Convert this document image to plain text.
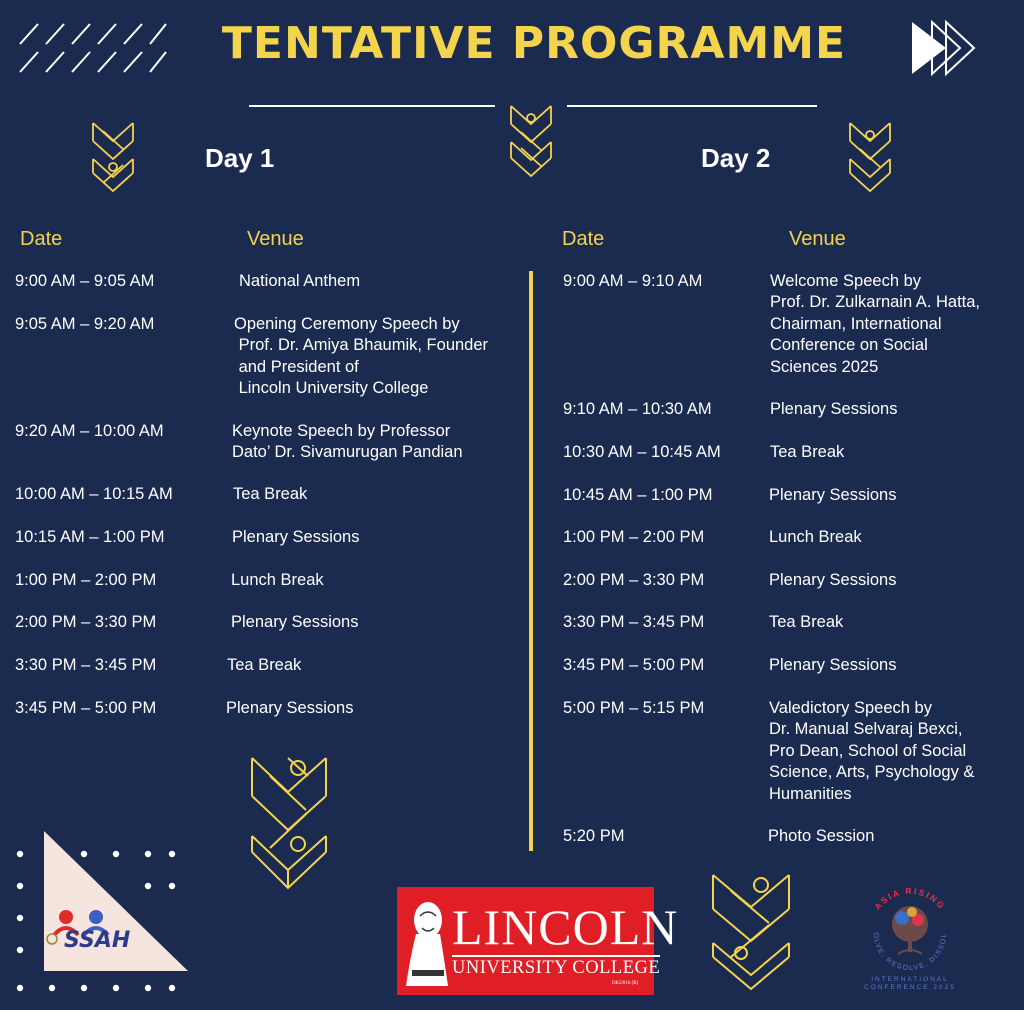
TENTATIVE PROGRAMME
Day 1	Day 2
Date	Venue	Date	Venue
9:00 AM – 9:05 AM	National Anthem
9:05 AM – 9:20 AM	Opening Ceremony Speech by
Prof. Dr. Amiya Bhaumik, Founder
and President of
Lincoln University College
9:20 AM – 10:00 AM	Keynote Speech by Professor
Dato’ Dr. Sivamurugan Pandian
10:00 AM – 10:15 AM	Tea Break
10:15 AM – 1:00 PM	Plenary Sessions
1:00 PM – 2:00 PM	Lunch Break
2:00 PM – 3:30 PM	Plenary Sessions
3:30 PM – 3:45 PM	Tea Break
3:45 PM – 5:00 PM	Plenary Sessions
9:00 AM – 9:10 AM	Welcome Speech by
Prof. Dr. Zulkarnain A. Hatta,
Chairman, International
Conference on Social
Sciences 2025
9:10 AM – 10:30 AM	Plenary Sessions
10:30 AM – 10:45 AM	Tea Break
10:45 AM – 1:00 PM	Plenary Sessions
1:00 PM – 2:00 PM	Lunch Break
2:00 PM – 3:30 PM	Plenary Sessions
3:30 PM – 3:45 PM	Tea Break
3:45 PM – 5:00 PM	Plenary Sessions
5:00 PM – 5:15 PM	Valedictory Speech by
Dr. Manual Selvaraj Bexci,
Pro Dean, School of Social
Science, Arts, Psychology &
Humanities
5:20 PM	Photo Session
SSAH	LINCOLN
UNIVERSITY COLLEGE
DKU016 (B)
ASIA RISING
EVOLVE, RESOLVE, DISSOLVE
INTERNATIONAL CONFERENCE 2025
